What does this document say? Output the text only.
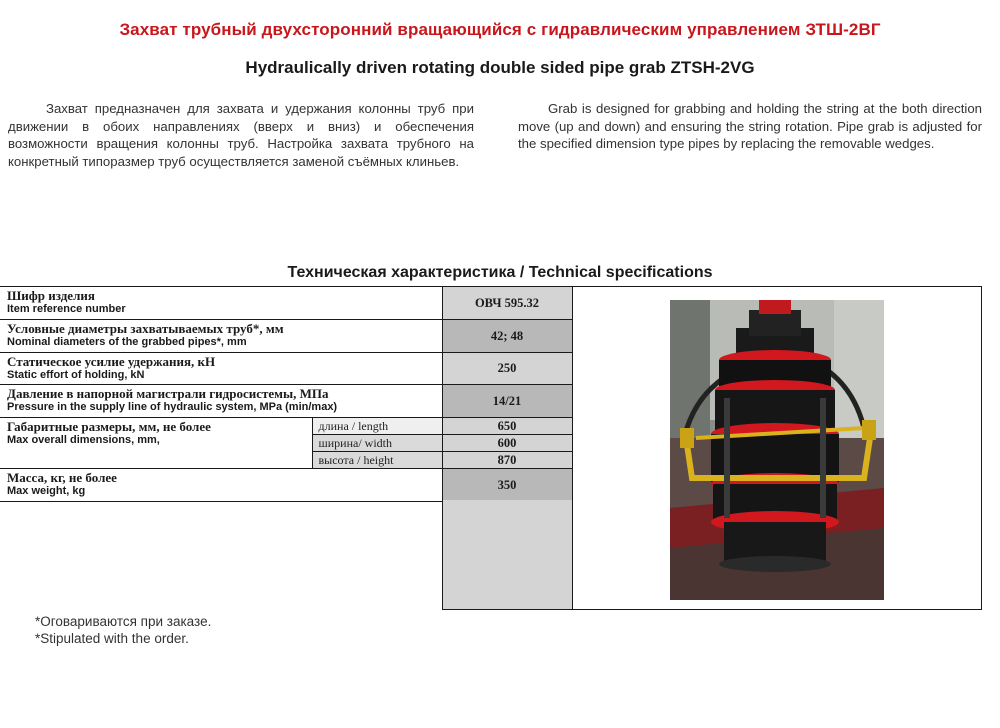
Захват трубный двухсторонний вращающийся с гидравлическим управлением ЗТШ-2ВГ
Hydraulically driven rotating double sided pipe grab ZTSH-2VG
Захват предназначен для захвата и удержания колонны труб при движении в обоих направлениях (вверх и вниз) и обеспечения возможности вращения колонны труб. Настройка захвата трубного на конкретный типоразмер труб осуществляется заменой съёмных клиньев.
Grab is designed for grabbing and holding the string at the both direction move (up and down) and ensuring the string rotation. Pipe grab is adjusted for the specified dimension type pipes by replacing the removable wedges.
Техническая характеристика / Technical specifications
Шифр изделия
Item reference number		ОВЧ 595.32

Условные диаметры захватываемых труб*, мм
Nominal diameters of the grabbed pipes*, mm		42; 48

Статическое усилие удержания, кН
Static effort of holding, kN		250

Давление в напорной магистрали гидросистемы, МПа
Pressure in the supply line of hydraulic system, MPa (min/max)		14/21

Габаритные размеры, мм, не более
Max overall dimensions, mm,	длина / length	650
	ширина/ width	600
	высота / height	870

Масса, кг, не более
Max weight, kg		350
*Оговариваются при заказе.
*Stipulated with the order.
